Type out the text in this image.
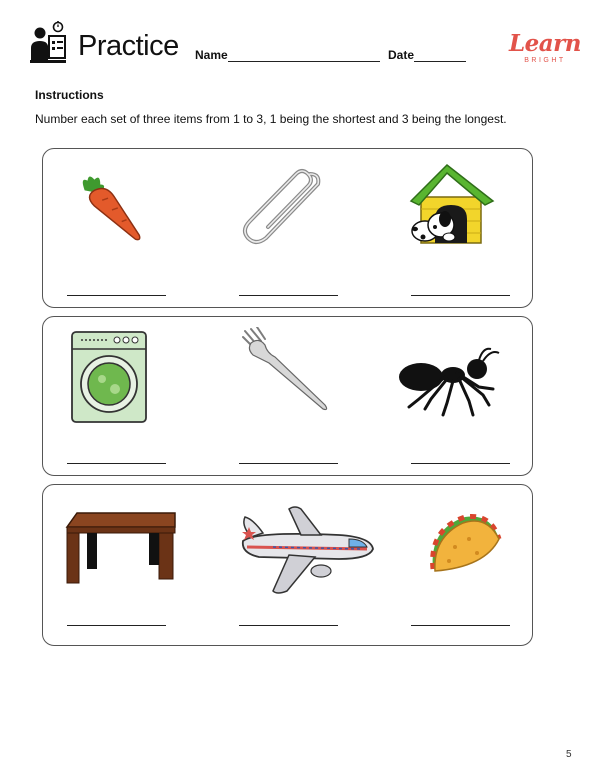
Practice Name	Date	Learn
BRIGHT
Instructions
Number each set of three items from 1 to 3, 1 being the shortest and 3 being the longest.
5
